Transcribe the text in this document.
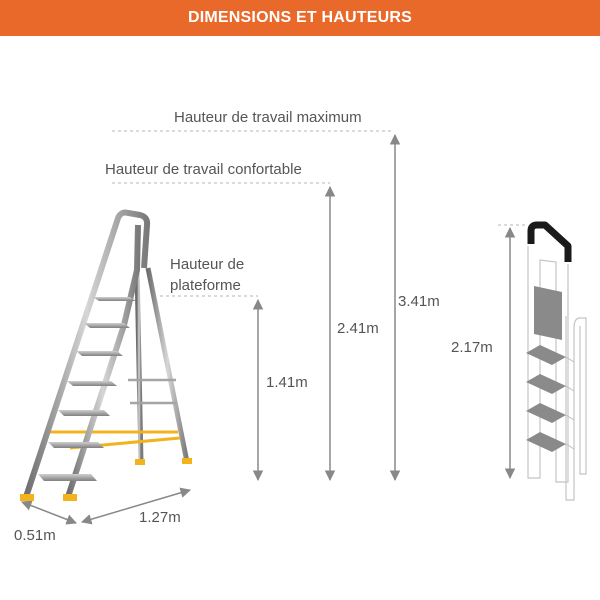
DIMENSIONS ET HAUTEURS
Hauteur de travail maximum
Hauteur de travail confortable
Hauteur de
plateforme
1.41m
2.41m
3.41m
2.17m
1.27m
0.51m
